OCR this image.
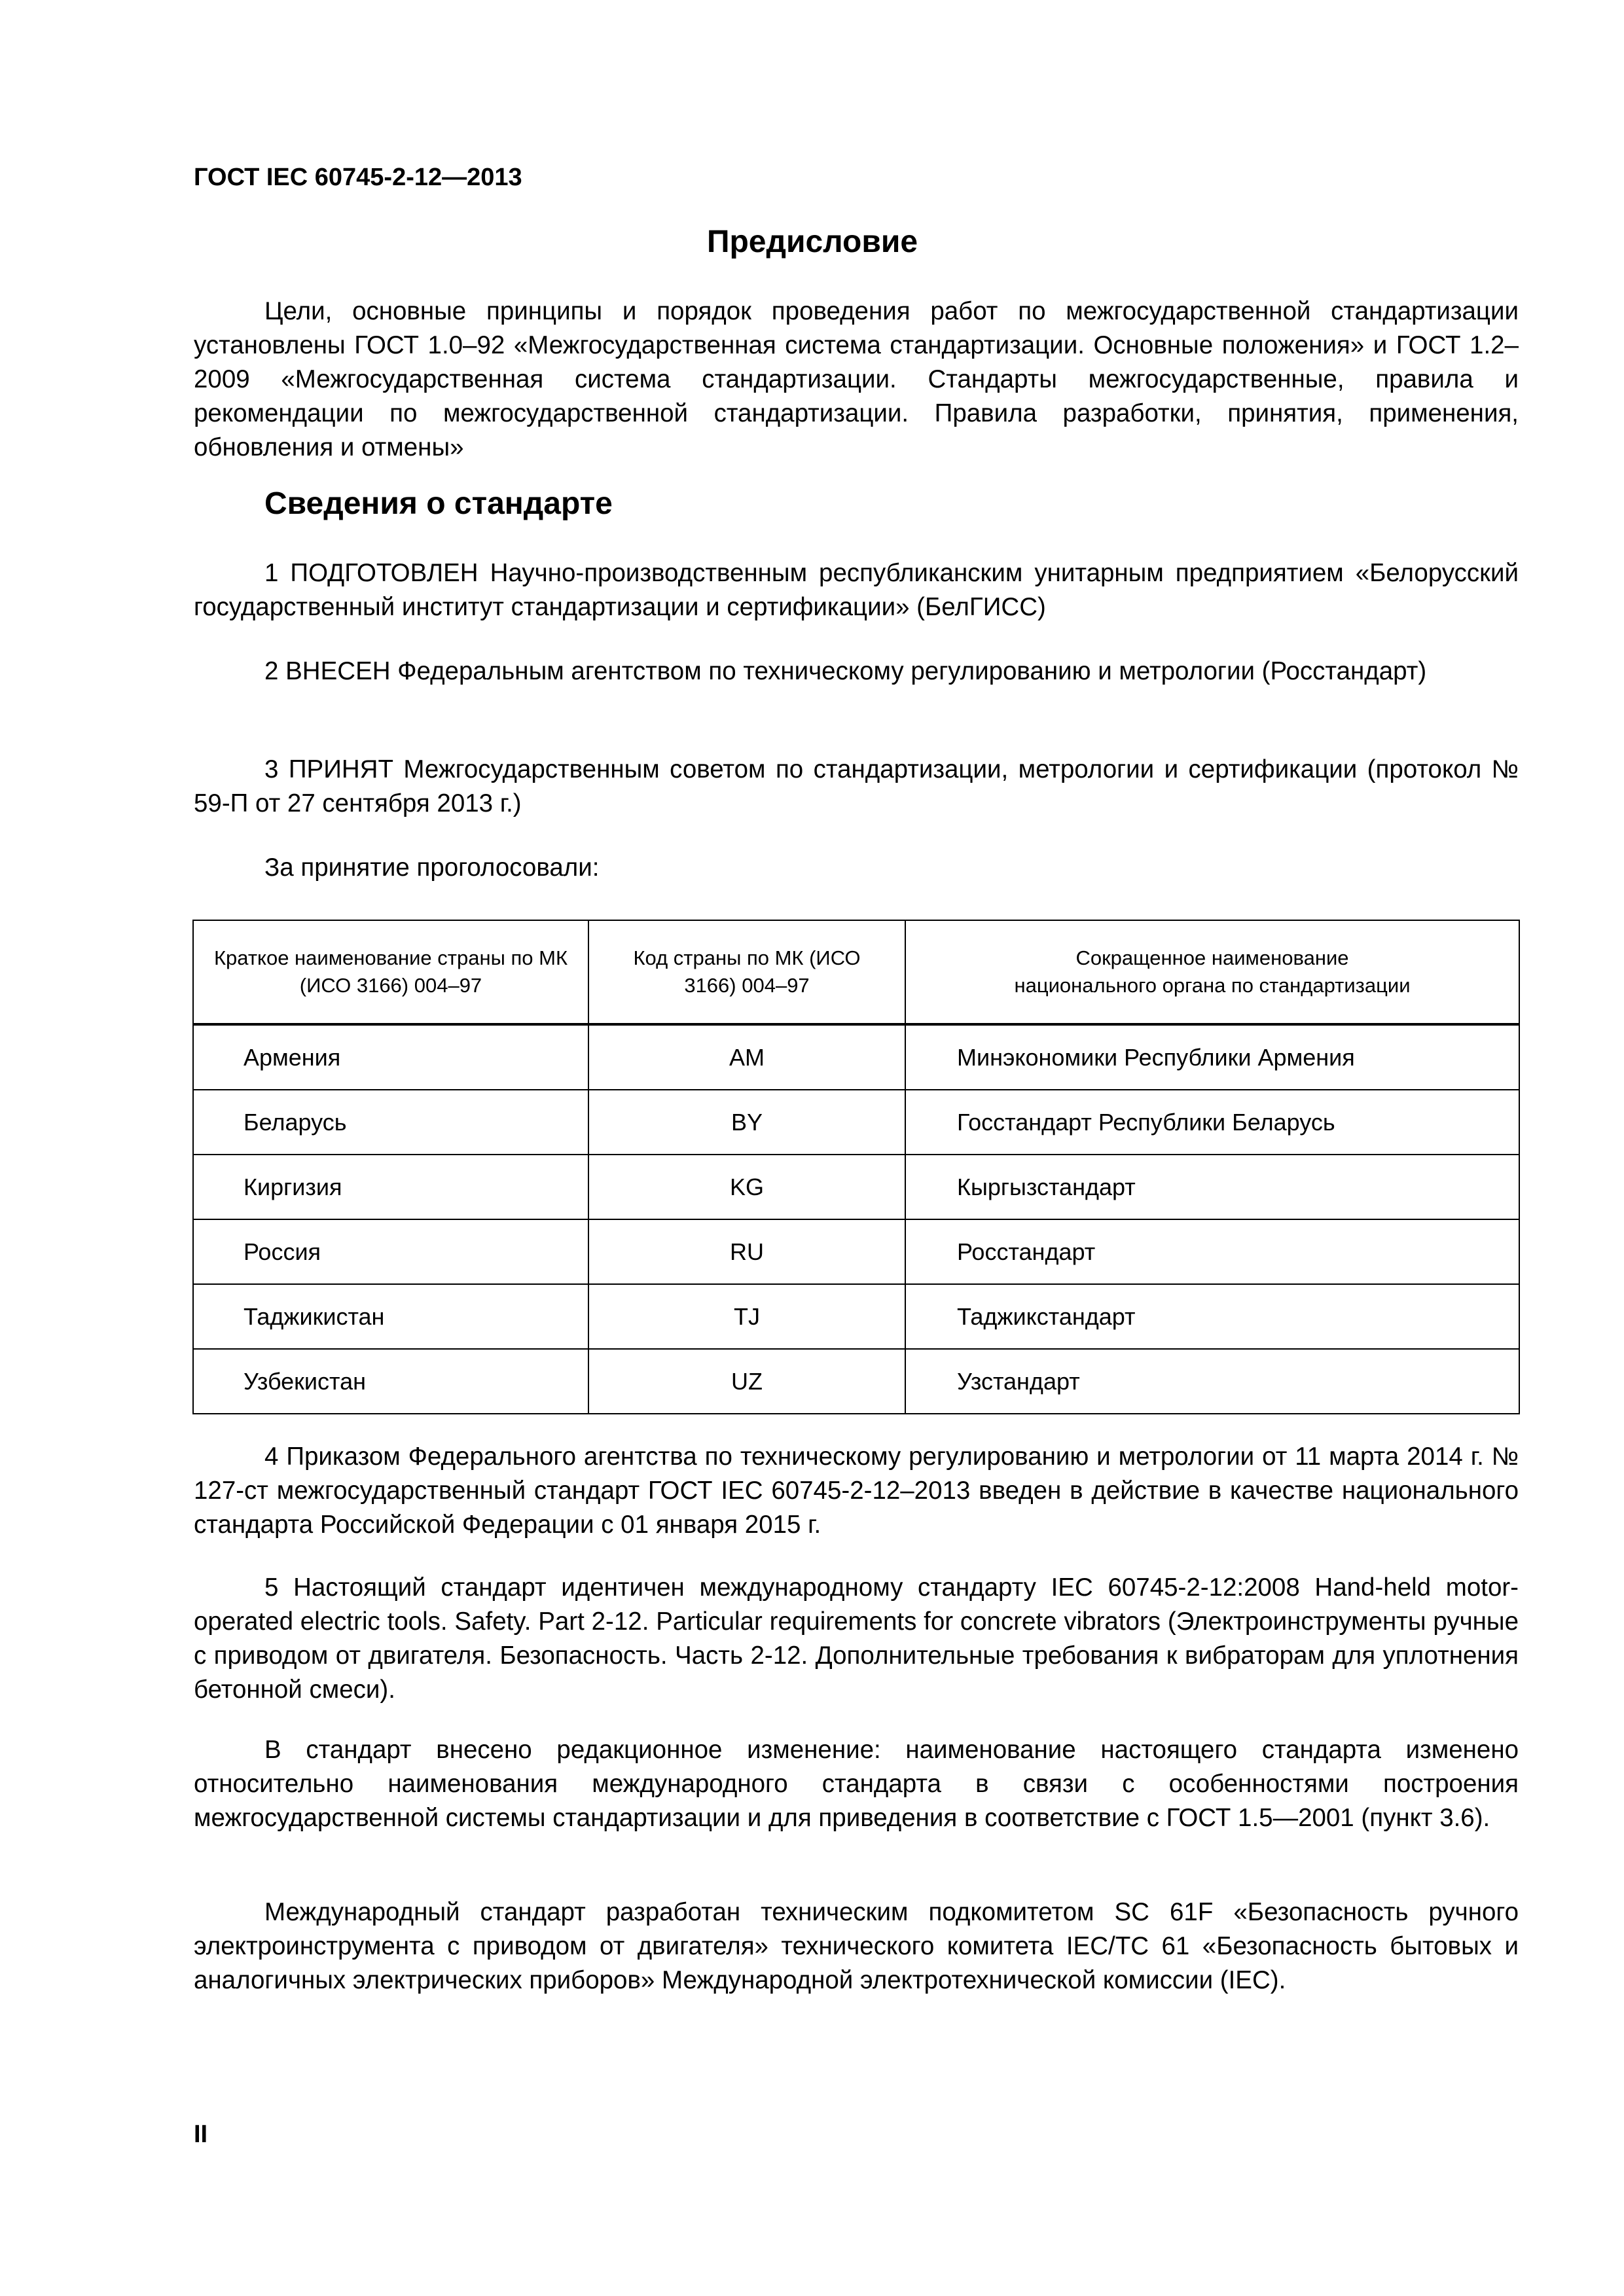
ГОСТ IEC 60745-2-12—2013
Предисловие

Цели, основные принципы и порядок проведения работ по межгосударственной стандартизации установлены ГОСТ 1.0–92 «Межгосударственная система стандартизации. Основные положения» и ГОСТ 1.2–2009 «Межгосударственная система стандартизации. Стандарты межгосударственные, правила и рекомендации по межгосударственной стандартизации. Правила разработки, принятия, применения, обновления и отмены»

Сведения о стандарте

1 ПОДГОТОВЛЕН Научно-производственным республиканским унитарным предприятием «Белорусский государственный институт стандартизации и сертификации» (БелГИСС)

2 ВНЕСЕН Федеральным агентством по техническому регулированию и метрологии (Росстандарт)

3 ПРИНЯТ Межгосударственным советом по стандартизации, метрологии и сертификации (протокол № 59-П от 27 сентября 2013 г.)

За принятие проголосовали:

Краткое наименование страны по МК (ИСО 3166) 004–97	Код страны по МК (ИСО 3166) 004–97	Сокращенное наименование национального органа по стандартизации
Армения	AM	Минэкономики Республики Армения
Беларусь	BY	Госстандарт Республики Беларусь
Киргизия	KG	Кыргызстандарт
Россия	RU	Росстандарт
Таджикистан	TJ	Таджикстандарт
Узбекистан	UZ	Узстандарт

4 Приказом Федерального агентства по техническому регулированию и метрологии от 11 марта 2014 г. № 127-ст межгосударственный стандарт ГОСТ IEC 60745-2-12–2013 введен в действие в качестве национального стандарта Российской Федерации с 01 января 2015 г.

5 Настоящий стандарт идентичен международному стандарту IEC 60745-2-12:2008 Hand-held motor-operated electric tools. Safety. Part 2-12. Particular requirements for concrete vibrators (Электроинструменты ручные с приводом от двигателя. Безопасность. Часть 2-12. Дополнительные требования к вибраторам для уплотнения бетонной смеси).

В стандарт внесено редакционное изменение: наименование настоящего стандарта изменено относительно наименования международного стандарта в связи с особенностями построения межгосударственной системы стандартизации и для приведения в соответствие с ГОСТ 1.5—2001 (пункт 3.6).

Международный стандарт разработан техническим подкомитетом SC 61F «Безопасность ручного электроинструмента с приводом от двигателя» технического комитета IEC/TC 61 «Безопасность бытовых и аналогичных электрических приборов» Международной электротехнической комиссии (IEC).

II
